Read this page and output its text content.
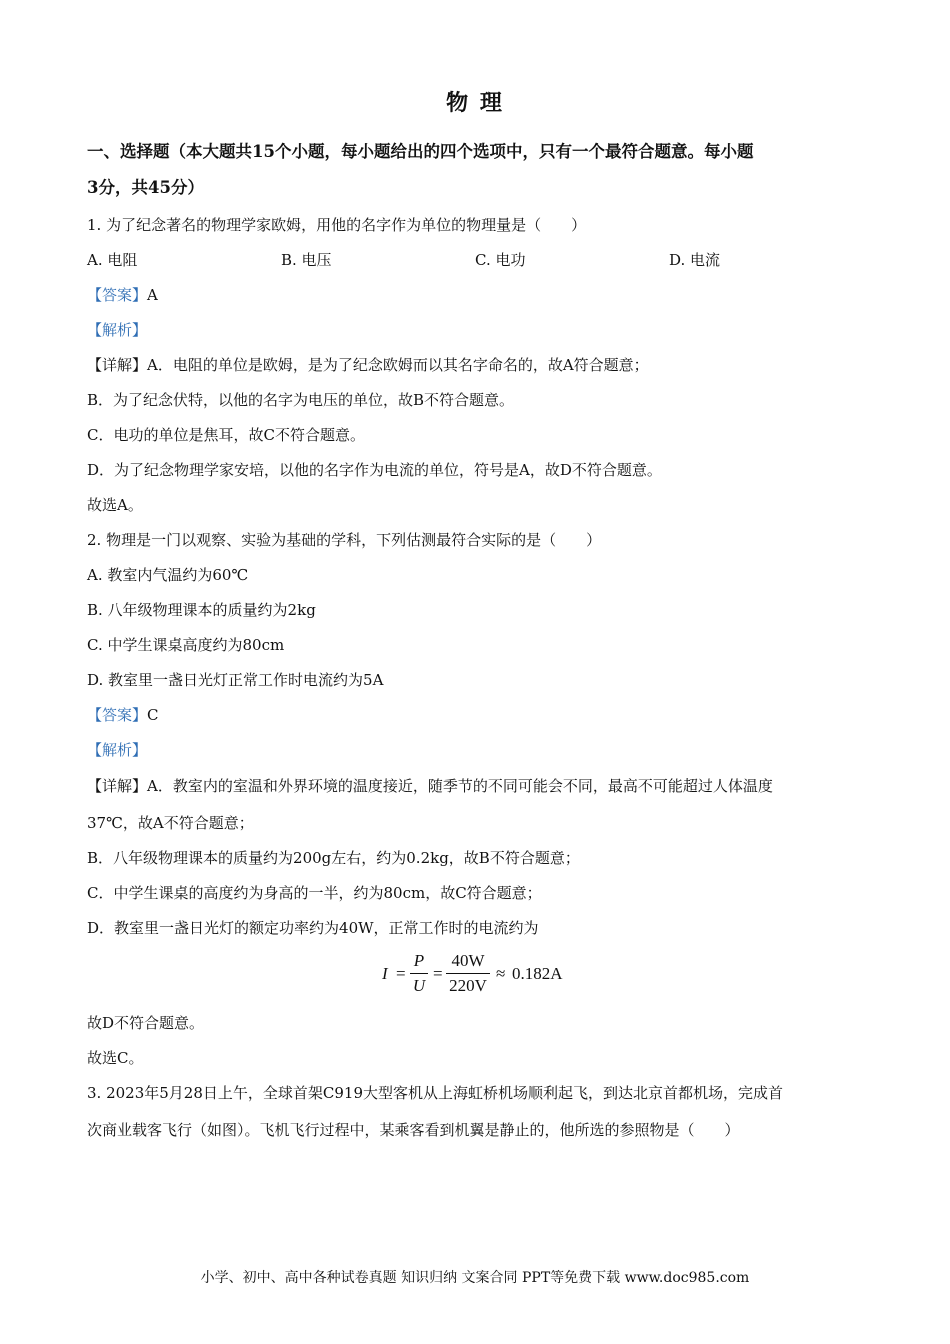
物 理
一、选择题（本大题共15个小题，每小题给出的四个选项中，只有一个最符合题意。每小题
3分，共45分）
1. 为了纪念著名的物理学家欧姆，用他的名字作为单位的物理量是（　　）
A. 电阻	B. 电压	C. 电功	D. 电流
【答案】A
【解析】
【详解】A．电阻的单位是欧姆，是为了纪念欧姆而以其名字命名的，故A符合题意；
B．为了纪念伏特，以他的名字为电压的单位，故B不符合题意。
C．电功的单位是焦耳，故C不符合题意。
D．为了纪念物理学家安培，以他的名字作为电流的单位，符号是A，故D不符合题意。
故选A。
2. 物理是一门以观察、实验为基础的学科，下列估测最符合实际的是（　　）
A. 教室内气温约为60℃
B. 八年级物理课本的质量约为2kg
C. 中学生课桌高度约为80cm
D. 教室里一盏日光灯正常工作时电流约为5A
【答案】C
【解析】
【详解】A．教室内的室温和外界环境的温度接近，随季节的不同可能会不同，最高不可能超过人体温度
37℃，故A不符合题意；
B．八年级物理课本的质量约为200g左右，约为0.2kg，故B不符合题意；
C．中学生课桌的高度约为身高的一半，约为80cm，故C符合题意；
D．教室里一盏日光灯的额定功率约为40W，正常工作时的电流约为
I =
P
U
=
40W
220V
≈ 0.182A
故D不符合题意。
故选C。
3. 2023年5月28日上午，全球首架C919大型客机从上海虹桥机场顺利起飞，到达北京首都机场，完成首
次商业载客飞行（如图）。飞机飞行过程中，某乘客看到机翼是静止的，他所选的参照物是（　　）
小学、初中、高中各种试卷真题 知识归纳 文案合同 PPT等免费下载 www.doc985.com
